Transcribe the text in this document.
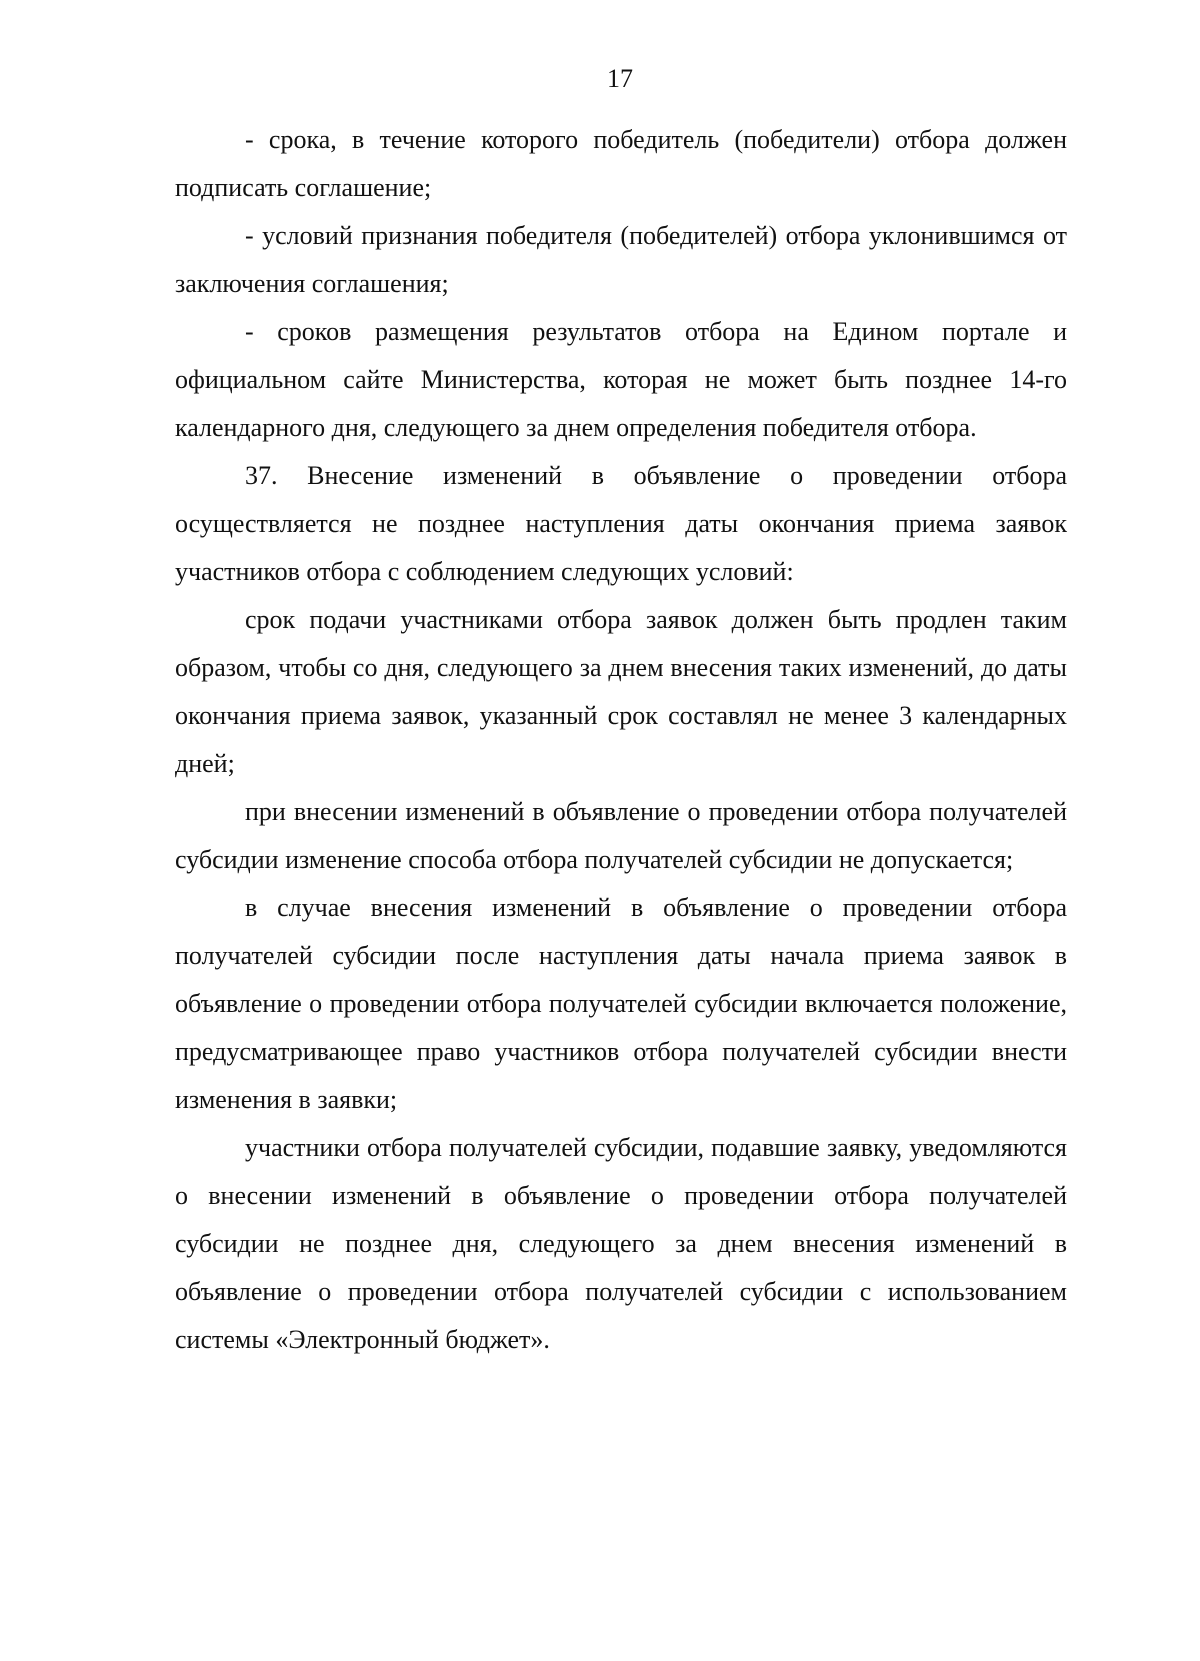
17

- срока, в течение которого победитель (победители) отбора должен подписать соглашение;

- условий признания победителя (победителей) отбора уклонившимся от заключения соглашения;

- сроков размещения результатов отбора на Едином портале и официальном сайте Министерства, которая не может быть позднее 14-го календарного дня, следующего за днем определения победителя отбора.

37. Внесение изменений в объявление о проведении отбора осуществляется не позднее наступления даты окончания приема заявок участников отбора с соблюдением следующих условий:

срок подачи участниками отбора заявок должен быть продлен таким образом, чтобы со дня, следующего за днем внесения таких изменений, до даты окончания приема заявок, указанный срок составлял не менее 3 календарных дней;

при внесении изменений в объявление о проведении отбора получателей субсидии изменение способа отбора получателей субсидии не допускается;

в случае внесения изменений в объявление о проведении отбора получателей субсидии после наступления даты начала приема заявок в объявление о проведении отбора получателей субсидии включается положение, предусматривающее право участников отбора получателей субсидии внести изменения в заявки;

участники отбора получателей субсидии, подавшие заявку, уведомляются о внесении изменений в объявление о проведении отбора получателей субсидии не позднее дня, следующего за днем внесения изменений в объявление о проведении отбора получателей субсидии с использованием системы «Электронный бюджет».
